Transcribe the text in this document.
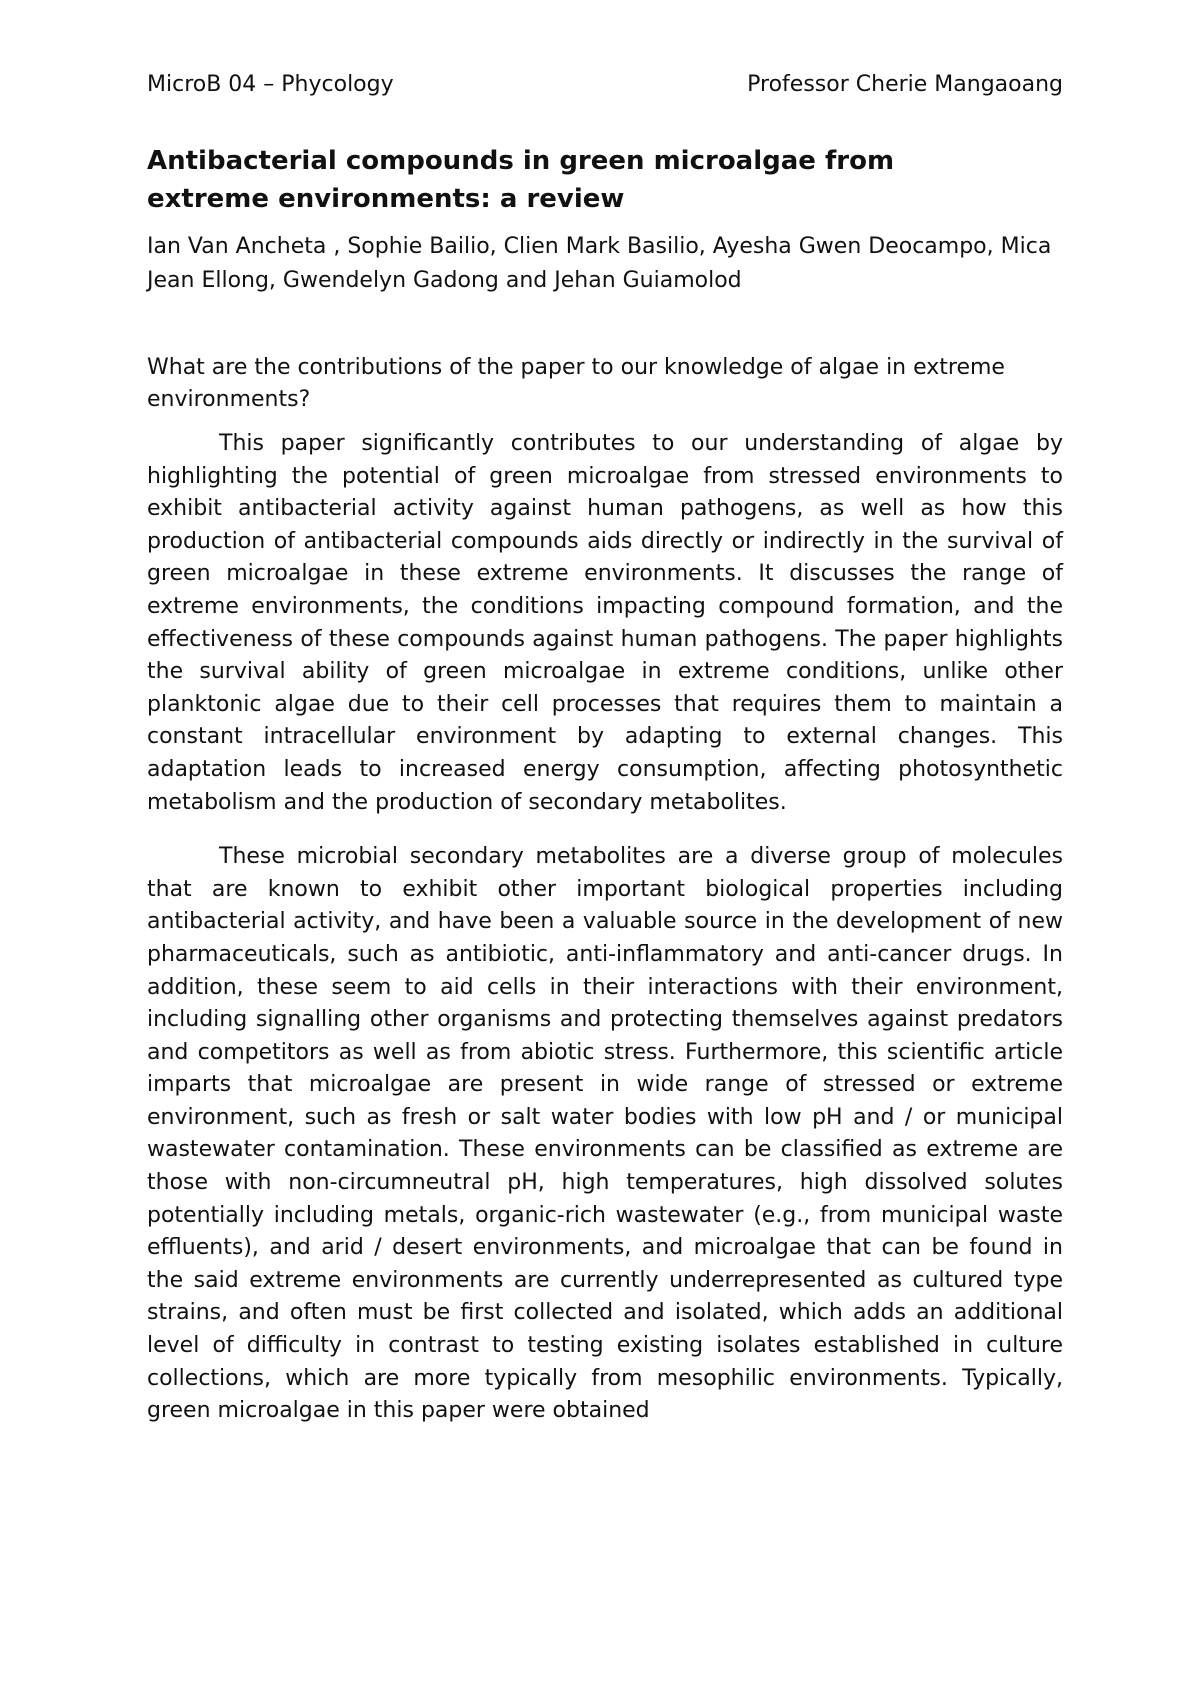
MicroB 04 – Phycology	Professor Cherie Mangaoang
Antibacterial compounds in green microalgae from extreme environments: a review
Ian Van Ancheta , Sophie Bailio, Clien Mark Basilio, Ayesha Gwen Deocampo, Mica Jean Ellong, Gwendelyn Gadong and Jehan Guiamolod
What are the contributions of the paper to our knowledge of algae in extreme environments?

This paper significantly contributes to our understanding of algae by highlighting the potential of green microalgae from stressed environments to exhibit antibacterial activity against human pathogens, as well as how this production of antibacterial compounds aids directly or indirectly in the survival of green microalgae in these extreme environments. It discusses the range of extreme environments, the conditions impacting compound formation, and the effectiveness of these compounds against human pathogens. The paper highlights the survival ability of green microalgae in extreme conditions, unlike other planktonic algae due to their cell processes that requires them to maintain a constant intracellular environment by adapting to external changes. This adaptation leads to increased energy consumption, affecting photosynthetic metabolism and the production of secondary metabolites.

These microbial secondary metabolites are a diverse group of molecules that are known to exhibit other important biological properties including antibacterial activity, and have been a valuable source in the development of new pharmaceuticals, such as antibiotic, anti-inflammatory and anti-cancer drugs. In addition, these seem to aid cells in their interactions with their environment, including signalling other organisms and protecting themselves against predators and competitors as well as from abiotic stress. Furthermore, this scientific article imparts that microalgae are present in wide range of stressed or extreme environment, such as fresh or salt water bodies with low pH and / or municipal wastewater contamination. These environments can be classified as extreme are those with non-circumneutral pH, high temperatures, high dissolved solutes potentially including metals, organic-rich wastewater (e.g., from municipal waste effluents), and arid / desert environments, and microalgae that can be found in the said extreme environments are currently underrepresented as cultured type strains, and often must be first collected and isolated, which adds an additional level of difficulty in contrast to testing existing isolates established in culture collections, which are more typically from mesophilic environments. Typically, green microalgae in this paper were obtained
